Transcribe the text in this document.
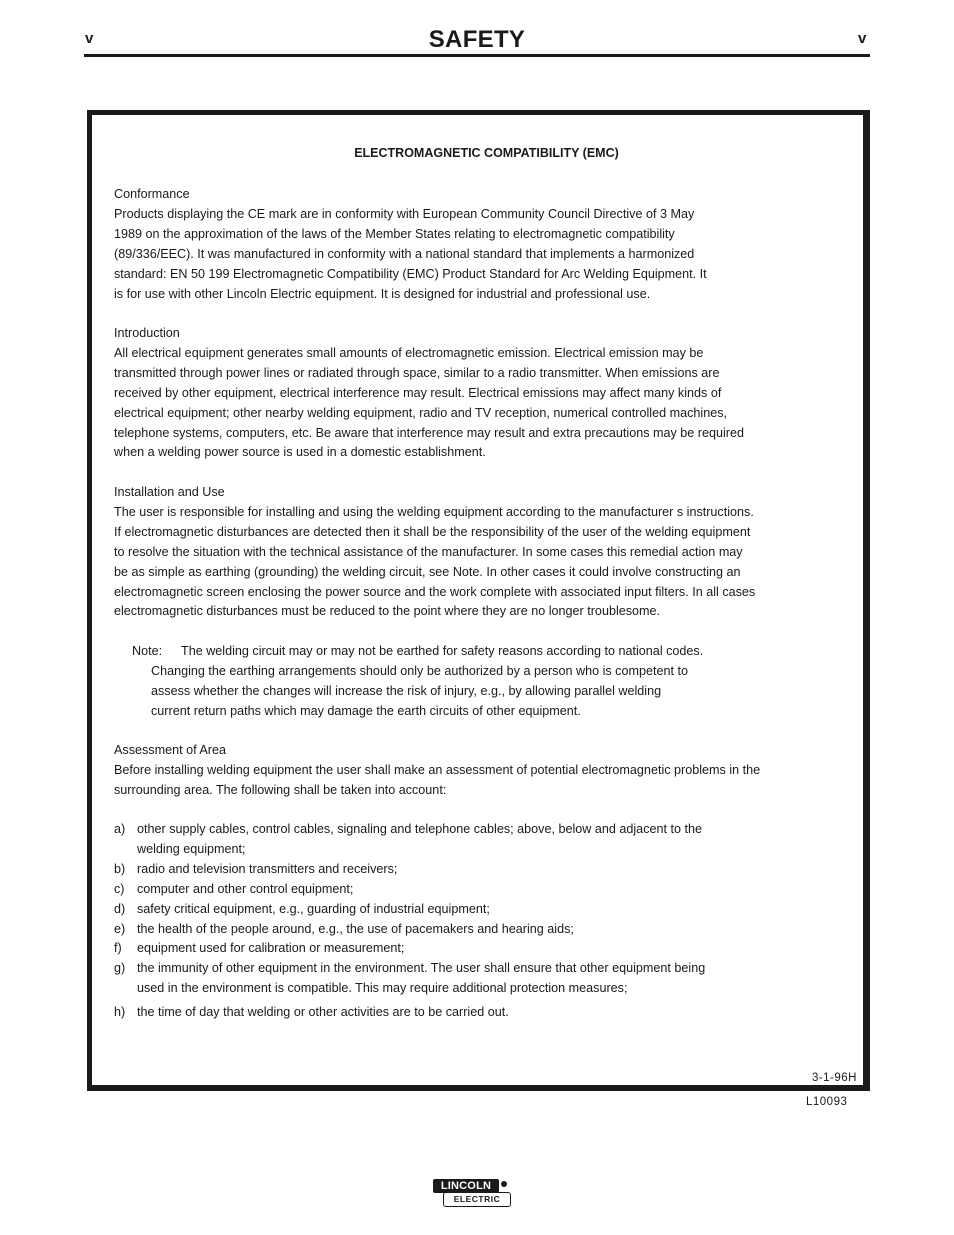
v	SAFETY	v
ELECTROMAGNETIC COMPATIBILITY (EMC)

Conformance

Products displaying the CE mark are in conformity with European Community Council Directive of 3 May

1989 on the approximation of the laws of the Member States relating to electromagnetic compatibility

(89/336/EEC). It was manufactured in conformity with a national standard that implements a harmonized

standard: EN 50 199 Electromagnetic Compatibility (EMC) Product Standard for Arc Welding Equipment. It

is for use with other Lincoln Electric equipment. It is designed for industrial and professional use.

Introduction

All electrical equipment generates small amounts of electromagnetic emission. Electrical emission may be

transmitted through power lines or radiated through space, similar to a radio transmitter. When emissions are

received by other equipment, electrical interference may result. Electrical emissions may affect many kinds of

electrical equipment; other nearby welding equipment, radio and TV reception, numerical controlled machines,

telephone systems, computers, etc. Be aware that interference may result and extra precautions may be required

when a welding power source is used in a domestic establishment.

Installation and Use

The user is responsible for installing and using the welding equipment according to the manufacturer s instructions.

If electromagnetic disturbances are detected then it shall be the responsibility of the user of the welding equipment

to resolve the situation with the technical assistance of the manufacturer. In some cases this remedial action may

be as simple as earthing (grounding) the welding circuit, see Note. In other cases it could involve constructing an

electromagnetic screen enclosing the power source and the work complete with associated input filters. In all cases

electromagnetic disturbances must be reduced to the point where they are no longer troublesome.

Note: The welding circuit may or may not be earthed for safety reasons according to national codes.

Changing the earthing arrangements should only be authorized by a person who is competent to

assess whether the changes will increase the risk of injury, e.g., by allowing parallel welding

current return paths which may damage the earth circuits of other equipment.

Assessment of Area

Before installing welding equipment the user shall make an assessment of potential electromagnetic problems in the

surrounding area. The following shall be taken into account:

a) other supply cables, control cables, signaling and telephone cables; above, below and adjacent to the
welding equipment;
b) radio and television transmitters and receivers;
c) computer and other control equipment;
d) safety critical equipment, e.g., guarding of industrial equipment;
e) the health of the people around, e.g., the use of pacemakers and hearing aids;
f)	equipment used for calibration or measurement;
g) the immunity of other equipment in the environment. The user shall ensure that other equipment being
used in the environment is compatible. This may require additional protection measures;
h) the time of day that welding or other activities are to be carried out.
3-1-96H
L10093
LINCOLN
ELECTRIC
